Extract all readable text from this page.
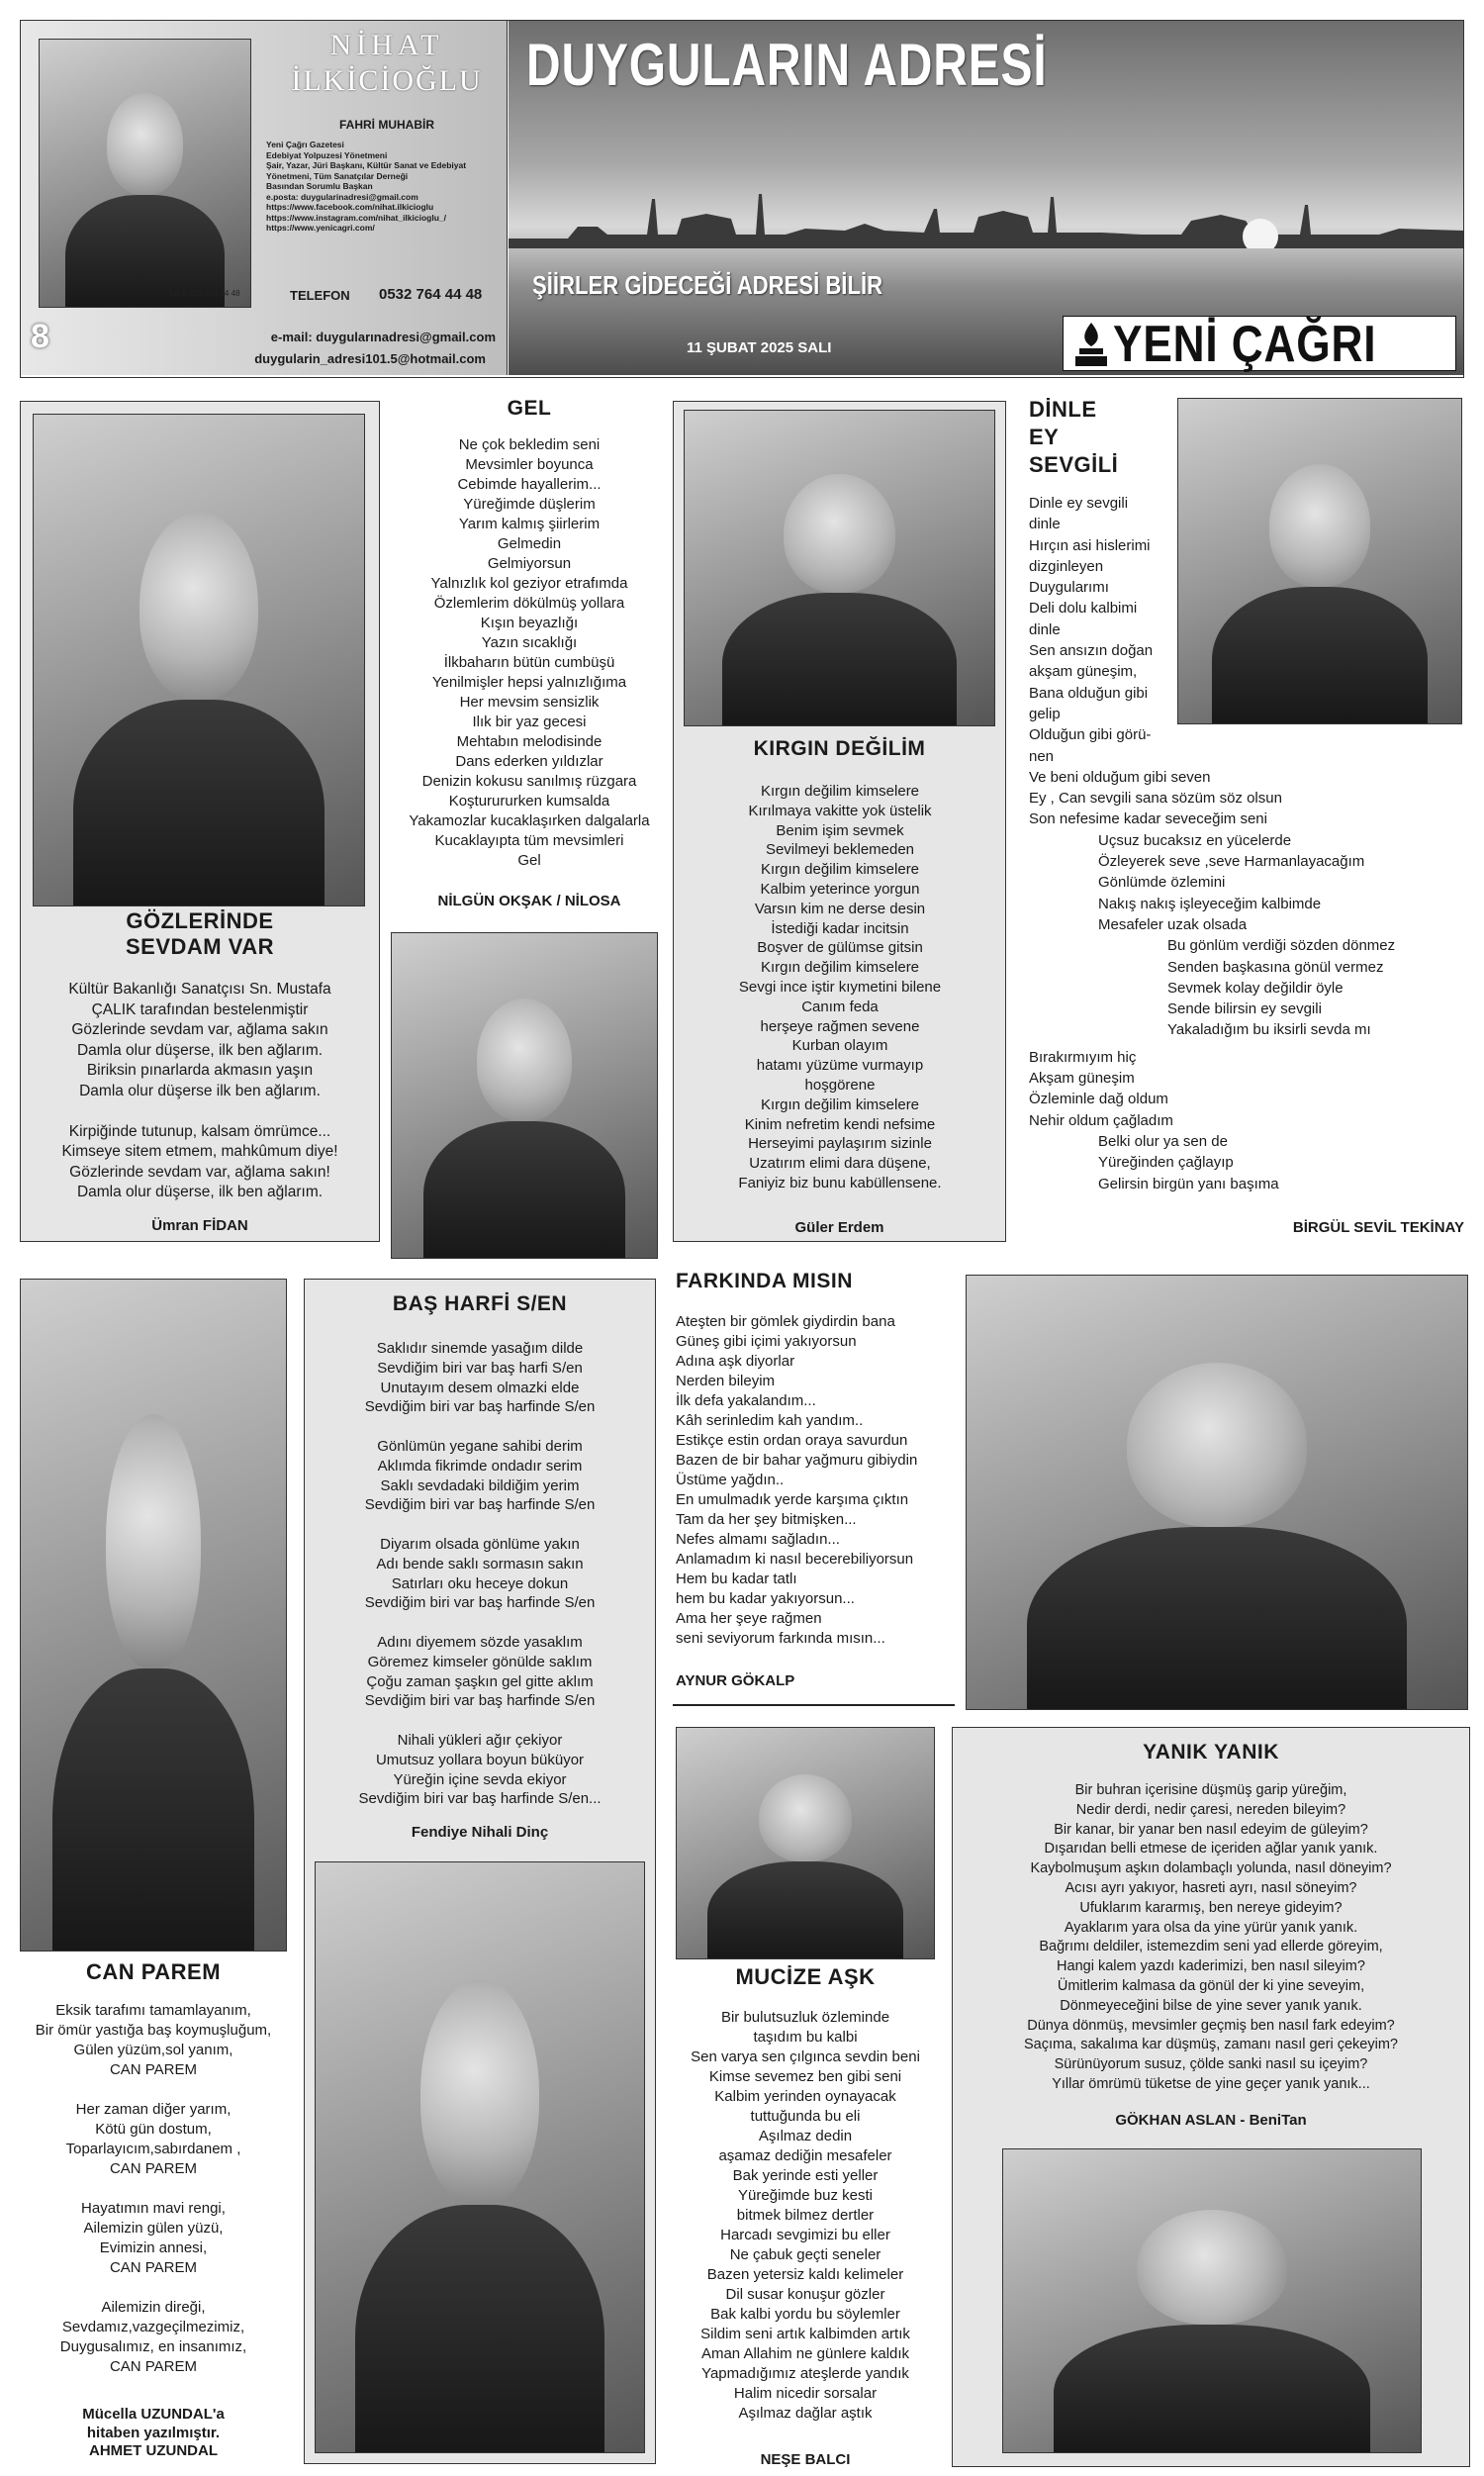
Nihat İlkicioğlu
Tel: 0 532 764 44 48
NİHAT
İLKİCİOĞLU
FAHRİ MUHABİR
Yeni Çağrı Gazetesi
Edebiyat Yolpuzesi Yönetmeni
Şair, Yazar, Jüri Başkanı, Kültür Sanat ve Edebiyat
Yönetmeni, Tüm Sanatçılar Derneği
Basından Sorumlu Başkan
e.posta: duygularinadresi@gmail.com
https://www.facebook.com/nihat.ilkicioglu
https://www.instagram.com/nihat_ilkicioglu_/
https://www.yenicagri.com/
TELEFON 0532 764 44 48
8	e-mail: duygularınadresi@gmail.com
duygularin_adresi101.5@hotmail.com
DUYGULARIN ADRESİ
ŞİİRLER GİDECEĞİ ADRESİ BİLİR
11 ŞUBAT 2025 SALI	YENİ ÇAĞRI
GÖZLERİNDE
SEVDAM VAR
Kültür Bakanlığı Sanatçısı Sn. Mustafa
ÇALIK tarafından bestelenmiştir
Gözlerinde sevdam var, ağlama sakın
Damla olur düşerse, ilk ben ağlarım.
Biriksin pınarlarda akmasın yaşın
Damla olur düşerse ilk ben ağlarım.

Kirpiğinde tutunup, kalsam ömrümce...
Kimseye sitem etmem, mahkûmum diye!
Gözlerinde sevdam var, ağlama sakın!
Damla olur düşerse, ilk ben ağlarım.
Ümran FİDAN
GEL
Ne çok bekledim seni
Mevsimler boyunca
Cebimde hayallerim...
Yüreğimde düşlerim
Yarım kalmış şiirlerim
Gelmedin
Gelmiyorsun
Yalnızlık kol geziyor etrafımda
Özlemlerim dökülmüş yollara
Kışın beyazlığı
Yazın sıcaklığı
İlkbaharın bütün cumbüşü
Yenilmişler hepsi yalnızlığıma
Her mevsim sensizlik
Ilık bir yaz gecesi
Mehtabın melodisinde
Dans ederken yıldızlar
Denizin kokusu sanılmış rüzgara
Koşturururken kumsalda
Yakamozlar kucaklaşırken dalgalarla
Kucaklayıpta tüm mevsimleri
Gel
NİLGÜN OKŞAK / NİLOSA
KIRGIN DEĞİLİM
Kırgın değilim kimselere
Kırılmaya vakitte yok üstelik
Benim işim sevmek
Sevilmeyi beklemeden
Kırgın değilim kimselere
Kalbim yeterince yorgun
Varsın kim ne derse desin
İstediği kadar incitsin
Boşver de gülümse gitsin
Kırgın değilim kimselere
Sevgi ince iştir kıymetini bilene
Canım feda
herşeye rağmen sevene
Kurban olayım
hatamı yüzüme vurmayıp
hoşgörene
Kırgın değilim kimselere
Kinim nefretim kendi nefsime
Herseyimi paylaşırım sizinle
Uzatırım elimi dara düşene,
Faniyiz biz bunu kabüllensene.
Güler Erdem
DİNLE
EY
SEVGİLİ
Dinle ey sevgili
dinle
Hırçın asi hislerimi
dizginleyen
Duygularımı
Deli dolu kalbimi
dinle
Sen ansızın doğan
akşam güneşim,
Bana olduğun gibi
gelip
Olduğun gibi görü-
nen
Ve beni olduğum gibi seven
Ey , Can sevgili sana sözüm söz olsun
Son nefesime kadar seveceğim seni
Uçsuz bucaksız en yücelerde
Özleyerek seve ,seve Harmanlayacağım
Gönlümde özlemini
Nakış nakış işleyeceğim kalbimde
Mesafeler uzak olsada
Bu gönlüm verdiği sözden dönmez
Senden başkasına gönül vermez
Sevmek kolay değildir öyle
Sende bilirsin ey sevgili
Yakaladığım bu iksirli sevda mı
Bırakırmıyım hiç
Akşam güneşim
Özleminle dağ oldum
Nehir oldum çağladım
Belki olur ya sen de
Yüreğinden çağlayıp
Gelirsin birgün yanı başıma
BİRGÜL SEVİL TEKİNAY
CAN PAREM
Eksik tarafımı tamamlayanım,
Bir ömür yastığa baş koymuşluğum,
Gülen yüzüm,sol yanım,
CAN PAREM

Her zaman diğer yarım,
Kötü gün dostum,
Toparlayıcım,sabırdanem ,
CAN PAREM

Hayatımın mavi rengi,
Ailemizin gülen yüzü,
Evimizin annesi,
CAN PAREM

Ailemizin direği,
Sevdamız,vazgeçilmezimiz,
Duygusalımız, en insanımız,
CAN PAREM
Mücella UZUNDAL'a
hitaben yazılmıştır.
AHMET UZUNDAL
BAŞ HARFİ S/EN
Saklıdır sinemde yasağım dilde
Sevdiğim biri var baş harfi S/en
Unutayım desem olmazki elde
Sevdiğim biri var baş harfinde S/en

Gönlümün yegane sahibi derim
Aklımda fikrimde ondadır serim
Saklı sevdadaki bildiğim yerim
Sevdiğim biri var baş harfinde S/en

Diyarım olsada gönlüme yakın
Adı bende saklı sormasın sakın
Satırları oku heceye dokun
Sevdiğim biri var baş harfinde S/en

Adını diyemem sözde yasaklım
Göremez kimseler gönülde saklım
Çoğu zaman şaşkın gel gitte aklım
Sevdiğim biri var baş harfinde S/en

Nihali yükleri ağır çekiyor
Umutsuz yollara boyun büküyor
Yüreğin içine sevda ekiyor
Sevdiğim biri var baş harfinde S/en...
Fendiye Nihali Dinç
FARKINDA MISIN
Ateşten bir gömlek giydirdin bana
Güneş gibi içimi yakıyorsun
Adına aşk diyorlar
Nerden bileyim
İlk defa yakalandım...
Kâh serinledim kah yandım..
Estikçe estin ordan oraya savurdun
Bazen de bir bahar yağmuru gibiydin
Üstüme yağdın..
En umulmadık yerde karşıma çıktın
Tam da her şey bitmişken...
Nefes almamı sağladın...
Anlamadım ki nasıl becerebiliyorsun
Hem bu kadar tatlı
hem bu kadar yakıyorsun...
Ama her şeye rağmen
seni seviyorum farkında mısın...
AYNUR GÖKALP
MUCİZE AŞK
Bir bulutsuzluk özleminde
taşıdım bu kalbi
Sen varya sen çılgınca sevdin beni
Kimse sevemez ben gibi seni
Kalbim yerinden oynayacak
tuttuğunda bu eli
Aşılmaz dedin
aşamaz dediğin mesafeler
Bak yerinde esti yeller
Yüreğimde buz kesti
bitmek bilmez dertler
Harcadı sevgimizi bu eller
Ne çabuk geçti seneler
Bazen yetersiz kaldı kelimeler
Dil susar konuşur gözler
Bak kalbi yordu bu söylemler
Sildim seni artık kalbimden artık
Aman Allahim ne günlere kaldık
Yapmadığımız ateşlerde yandık
Halim nicedir sorsalar
Aşılmaz dağlar aştık
NEŞE BALCI
YANIK YANIK
Bir buhran içerisine düşmüş garip yüreğim,
Nedir derdi, nedir çaresi, nereden bileyim?
Bir kanar, bir yanar ben nasıl edeyim de güleyim?
Dışarıdan belli etmese de içeriden ağlar yanık yanık.
Kaybolmuşum aşkın dolambaçlı yolunda, nasıl döneyim?
Acısı ayrı yakıyor, hasreti ayrı, nasıl söneyim?
Ufuklarım kararmış, ben nereye gideyim?
Ayaklarım yara olsa da yine yürür yanık yanık.
Bağrımı deldiler, istemezdim seni yad ellerde göreyim,
Hangi kalem yazdı kaderimizi, ben nasıl sileyim?
Ümitlerim kalmasa da gönül der ki yine seveyim,
Dönmeyeceğini bilse de yine sever yanık yanık.
Dünya dönmüş, mevsimler geçmiş ben nasıl fark edeyim?
Saçıma, sakalıma kar düşmüş, zamanı nasıl geri çekeyim?
Sürünüyorum susuz, çölde sanki nasıl su içeyim?
Yıllar ömrümü tüketse de yine geçer yanık yanık...
GÖKHAN ASLAN - BeniTan
